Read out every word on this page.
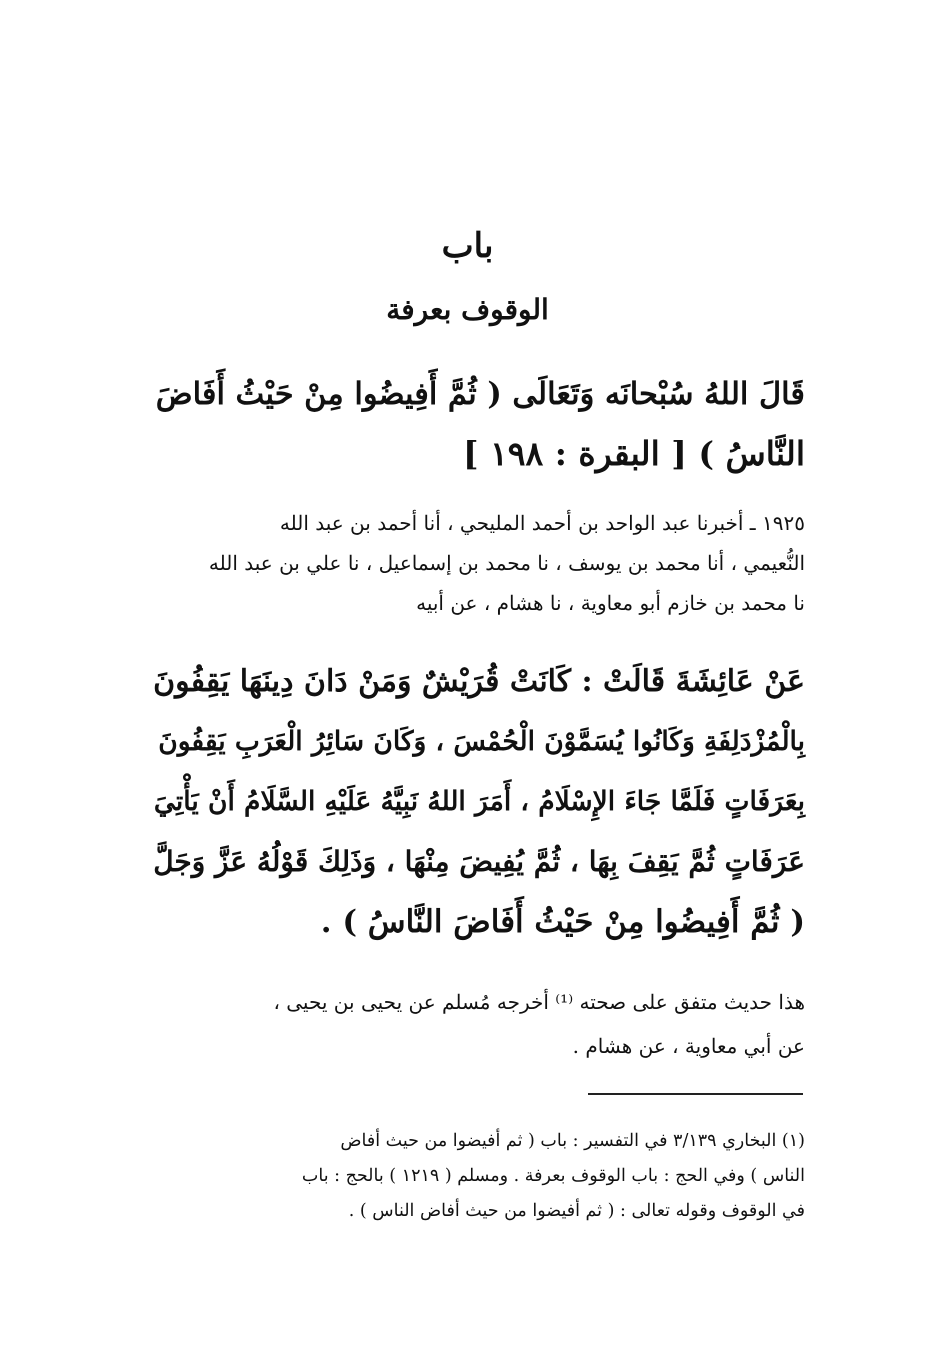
باب
الوقوف بعرفة
قَالَ اللهُ سُبْحانَه وَتَعَالَى ( ثُمَّ أَفِيضُوا مِنْ حَيْثُ أَفَاضَ
النَّاسُ ) [ البقرة : ١٩٨ ]
١٩٢٥ ـ أخبرنا عبد الواحد بن أحمد المليحي ، أنا أحمد بن عبد الله
النُّعيمي ، أنا محمد بن يوسف ، نا محمد بن إسماعيل ، نا علي بن عبد الله
نا محمد بن خازم أبو معاوية ، نا هشام ، عن أبيه
عَنْ عَائِشَةَ قَالَتْ : كَانَتْ قُرَيْشٌ وَمَنْ دَانَ دِينَهَا يَقِفُونَ
بِالْمُزْدَلِفَةِ وَكَانُوا يُسَمَّوْنَ الْحُمْسَ ، وَكَانَ سَائِرُ الْعَرَبِ يَقِفُونَ
بِعَرَفَاتٍ فَلَمَّا جَاءَ الإِسْلَامُ ، أَمَرَ اللهُ نَبِيَّهُ عَلَيْهِ السَّلَامُ أَنْ يَأْتِيَ
عَرَفَاتٍ ثُمَّ يَقِفَ بِهَا ، ثُمَّ يُفِيضَ مِنْهَا ، وَذَلِكَ قَوْلُهُ عَزَّ وَجَلَّ
( ثُمَّ أَفِيضُوا مِنْ حَيْثُ أَفَاضَ النَّاسُ ) .
هذا حديث متفق على صحته ⁽¹⁾ أخرجه مُسلم عن يحيى بن يحيى ،
عن أبي معاوية ، عن هشام .
(١) البخاري ٣/١٣٩ في التفسير : باب ( ثم أفيضوا من حيث أفاض
الناس ) وفي الحج : باب الوقوف بعرفة . ومسلم ( ١٢١٩ ) بالحج : باب
في الوقوف وقوله تعالى : ( ثم أفيضوا من حيث أفاض الناس ) .
